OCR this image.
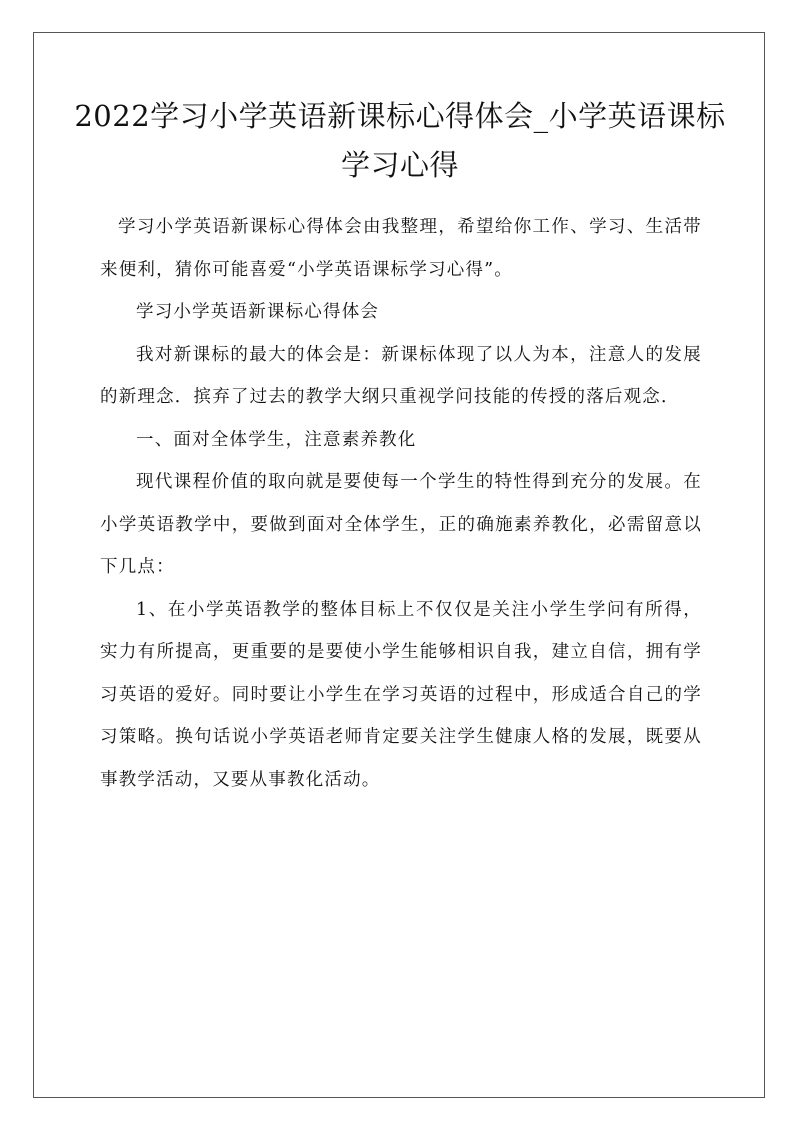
2022学习小学英语新课标心得体会_小学英语课标学习心得

学习小学英语新课标心得体会由我整理，希望给你工作、学习、生活带来便利，猜你可能喜爱“小学英语课标学习心得”。

学习小学英语新课标心得体会

我对新课标的最大的体会是：新课标体现了以人为本，注意人的发展的新理念．摈弃了过去的教学大纲只重视学问技能的传授的落后观念．

一、面对全体学生，注意素养教化

现代课程价值的取向就是要使每一个学生的特性得到充分的发展。在小学英语教学中，要做到面对全体学生，正的确施素养教化，必需留意以下几点：

1、在小学英语教学的整体目标上不仅仅是关注小学生学问有所得，实力有所提高，更重要的是要使小学生能够相识自我，建立自信，拥有学习英语的爱好。同时要让小学生在学习英语的过程中，形成适合自己的学习策略。换句话说小学英语老师肯定要关注学生健康人格的发展，既要从事教学活动，又要从事教化活动。
